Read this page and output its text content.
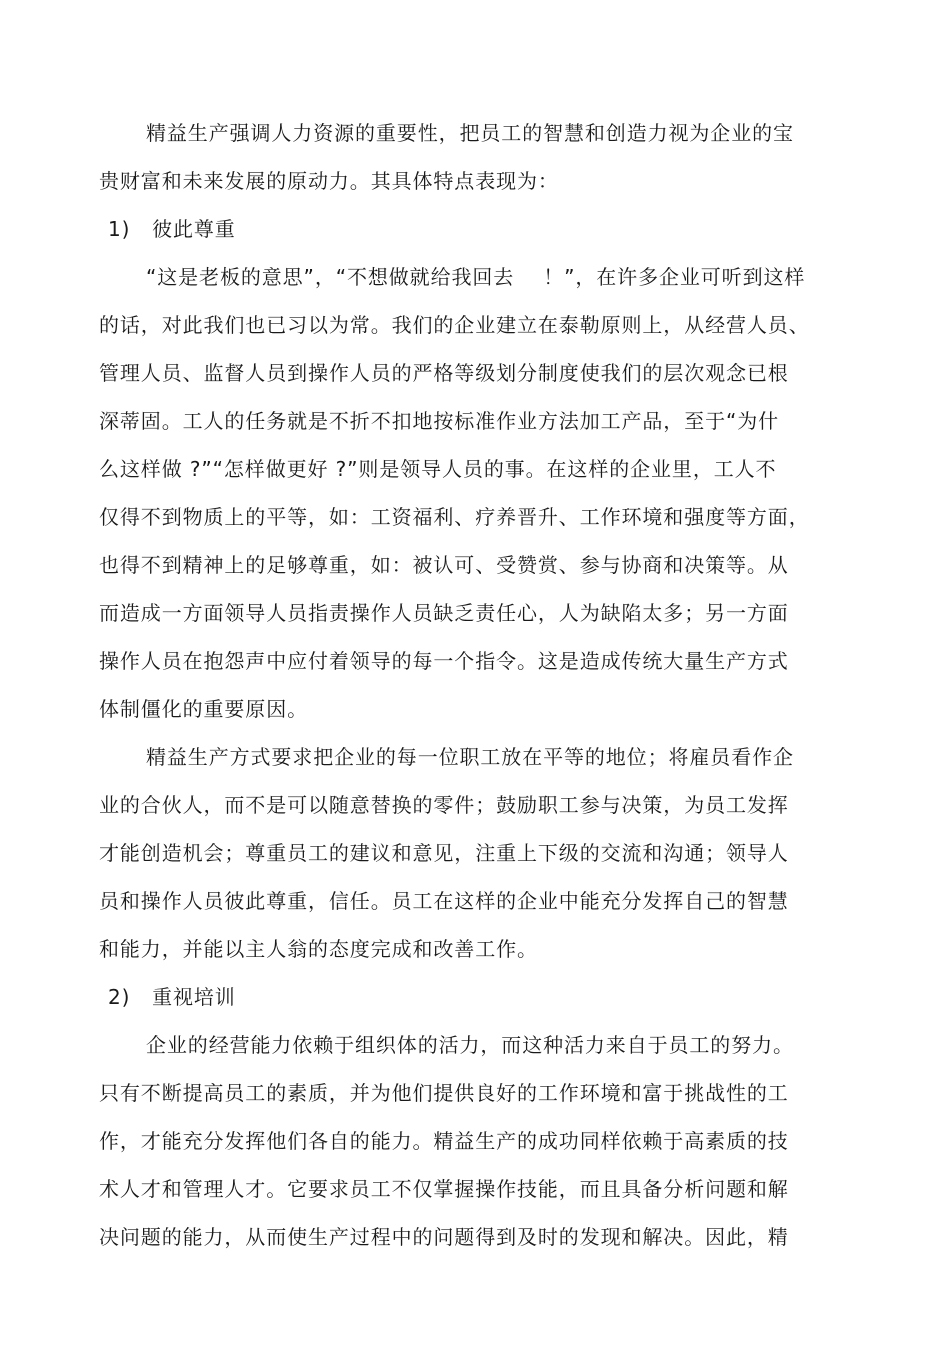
精益生产强调人力资源的重要性，把员工的智慧和创造力视为企业的宝
贵财富和未来发展的原动力。其具体特点表现为：
1)   彼此尊重
“这是老板的意思”，“不想做就给我回去    ！”，在许多企业可听到这样
的话，对此我们也已习以为常。我们的企业建立在泰勒原则上，从经营人员、
管理人员、监督人员到操作人员的严格等级划分制度使我们的层次观念已根
深蒂固。工人的任务就是不折不扣地按标准作业方法加工产品，至于“为什
么这样做 ?”“怎样做更好 ?”则是领导人员的事。在这样的企业里，工人不
仅得不到物质上的平等，如：工资福利、疗养晋升、工作环境和强度等方面，
也得不到精神上的足够尊重，如：被认可、受赞赏、参与协商和决策等。从
而造成一方面领导人员指责操作人员缺乏责任心，人为缺陷太多；另一方面
操作人员在抱怨声中应付着领导的每一个指令。这是造成传统大量生产方式
体制僵化的重要原因。
精益生产方式要求把企业的每一位职工放在平等的地位；将雇员看作企
业的合伙人，而不是可以随意替换的零件；鼓励职工参与决策，为员工发挥
才能创造机会；尊重员工的建议和意见，注重上下级的交流和沟通；领导人
员和操作人员彼此尊重，信任。员工在这样的企业中能充分发挥自己的智慧
和能力，并能以主人翁的态度完成和改善工作。
2)   重视培训
企业的经营能力依赖于组织体的活力，而这种活力来自于员工的努力。
只有不断提高员工的素质，并为他们提供良好的工作环境和富于挑战性的工
作，才能充分发挥他们各自的能力。精益生产的成功同样依赖于高素质的技
术人才和管理人才。它要求员工不仅掌握操作技能，而且具备分析问题和解
决问题的能力，从而使生产过程中的问题得到及时的发现和解决。因此，精
